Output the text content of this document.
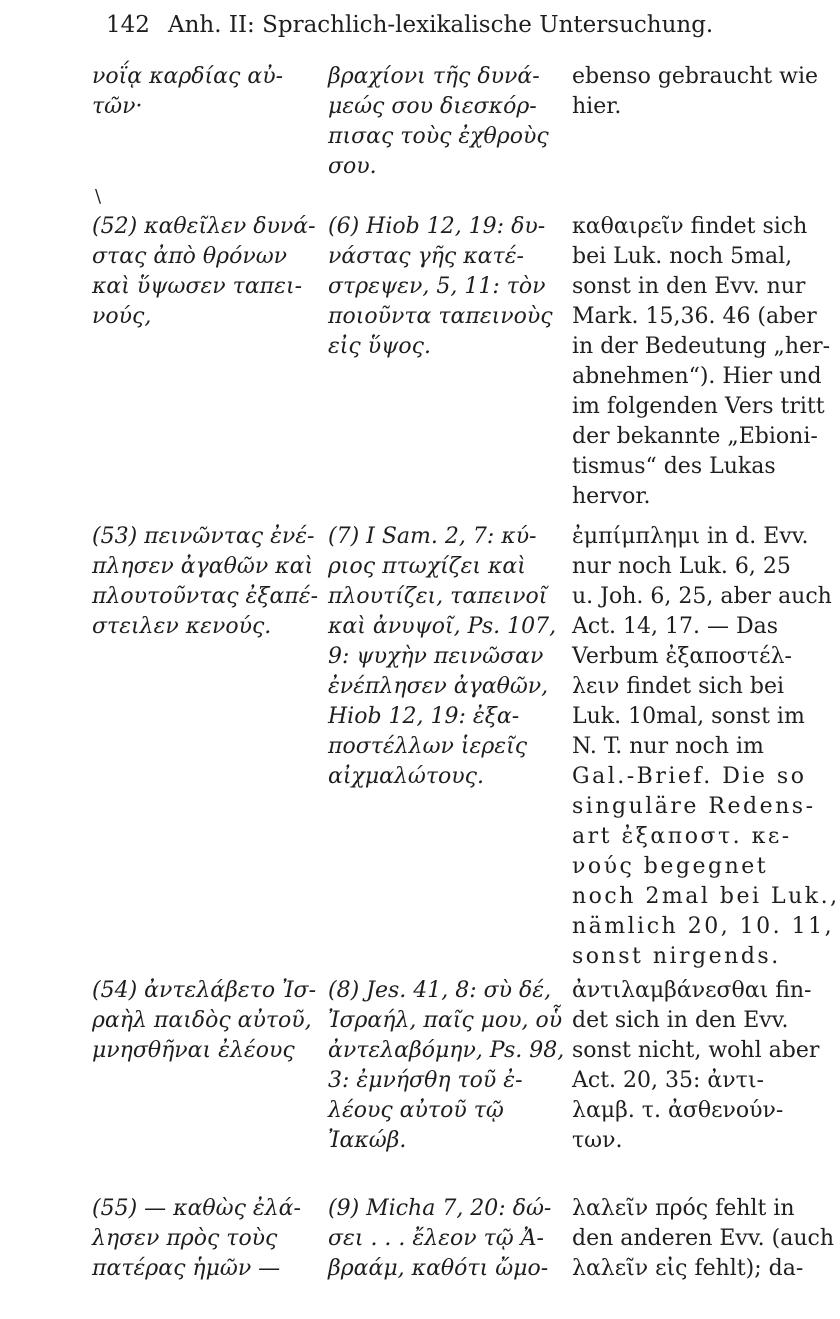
142 Anh. II: Sprachlich-lexikalische Untersuchung.
\
νοΐᾳ καρδίας αὐ-
τῶν·
βραχίονι τῆς δυνά-
μεώς σου διεσκόρ-
πισας τοὺς ἐχθροὺς
σου.
ebenso gebraucht wie
hier.
(52) καθεῖλεν δυνά-
στας ἀπὸ θρόνων
καὶ ὕψωσεν ταπει-
νούς,
(6) Hiob 12, 19: δυ-
νάστας γῆς κατέ-
στρεψεν, 5, 11: τὸν
ποιοῦντα ταπεινοὺς
εἰς ὕψος.
καθαιρεῖν findet sich
bei Luk. noch 5mal,
sonst in den Evv. nur
Mark. 15,36. 46 (aber
in der Bedeutung „her-
abnehmen“). Hier und
im folgenden Vers tritt
der bekannte „Ebioni-
tismus“ des Lukas
hervor.
(53) πεινῶντας ἐνέ-
πλησεν ἀγαθῶν καὶ
πλουτοῦντας ἐξαπέ-
στειλεν κενούς.
(7) I Sam. 2, 7: κύ-
ριος πτωχίζει καὶ
πλουτίζει, ταπεινοῖ
καὶ ἀνυψοῖ, Ps. 107,
9: ψυχὴν πεινῶσαν
ἐνέπλησεν ἀγαθῶν,
Hiob 12, 19: ἐξα-
ποστέλλων ἱερεῖς
αἰχμαλώτους.
ἐμπίμπλημι in d. Evv.
nur noch Luk. 6, 25
u. Joh. 6, 25, aber auch
Act. 14, 17. — Das
Verbum ἐξαποστέλ-
λειν findet sich bei
Luk. 10mal, sonst im
N. T. nur noch im
Gal.-Brief. Die so
singuläre Redens-
art ἐξαποστ. κε-
νούς begegnet
noch 2mal bei Luk.,
nämlich 20, 10. 11,
sonst nirgends.
(54) ἀντελάβετο Ἰσ-
ραὴλ παιδὸς αὐτοῦ,
μνησθῆναι ἐλέους
(8) Jes. 41, 8: σὺ δέ,
Ἰσραήλ, παῖς μου, οὗ
ἀντελαβόμην, Ps. 98,
3: ἐμνήσθη τοῦ ἐ-
λέους αὐτοῦ τῷ
Ἰακώβ.
ἀντιλαμβάνεσθαι fin-
det sich in den Evv.
sonst nicht, wohl aber
Act. 20, 35: ἀντι-
λαμβ. τ. ἀσθενούν-
των.
(55) — καθὼς ἐλά-
λησεν πρὸς τοὺς
πατέρας ἡμῶν —
(9) Micha 7, 20: δώ-
σει . . . ἔλεον τῷ Ἀ-
βραάμ, καθότι ὤμο-
λαλεῖν πρός fehlt in
den anderen Evv. (auch
λαλεῖν εἰς fehlt); da-
